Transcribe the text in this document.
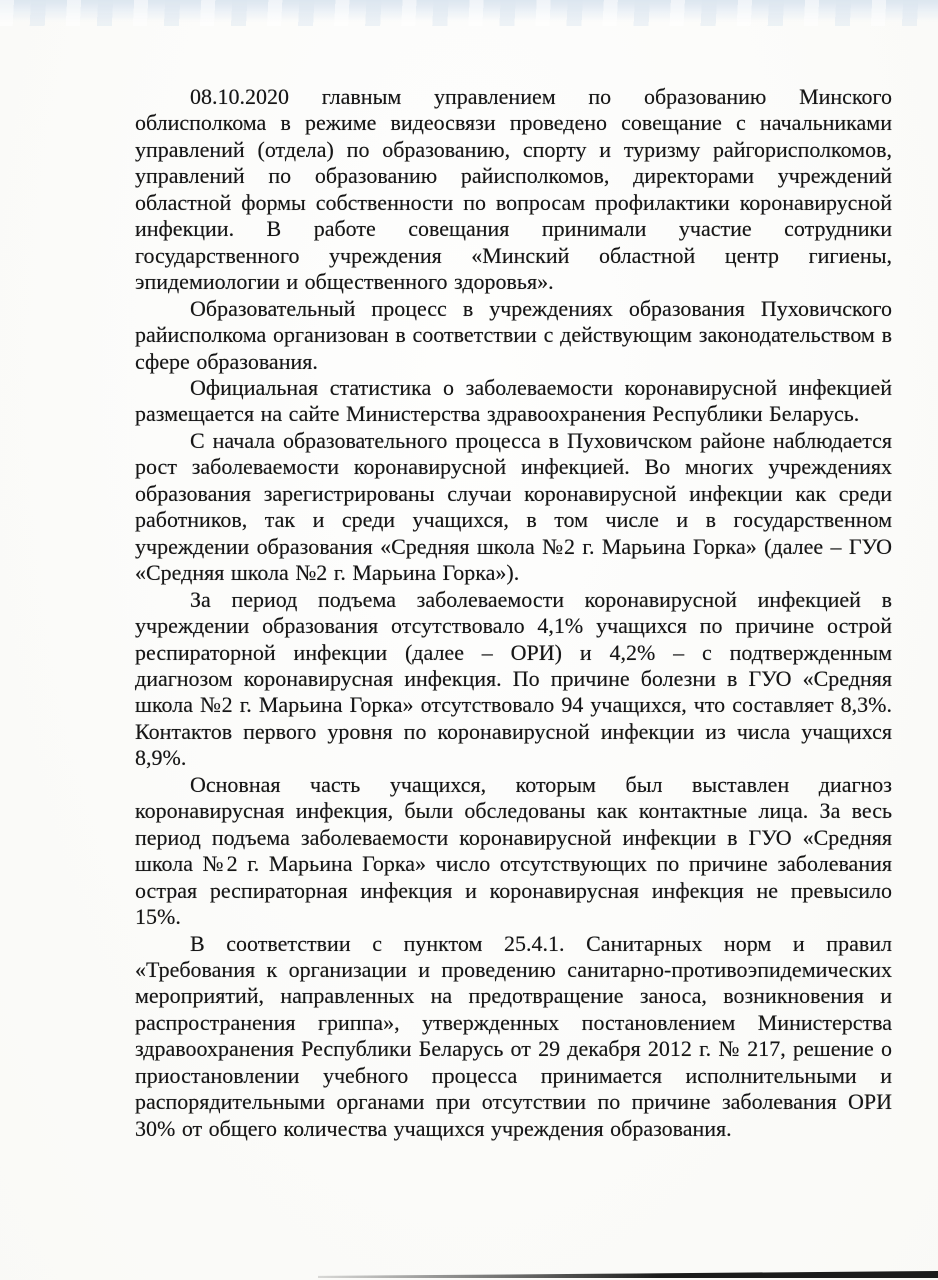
08.10.2020 главным управлением по образованию Минского облисполкома в режиме видеосвязи проведено совещание с начальниками управлений (отдела) по образованию, спорту и туризму райгорисполкомов, управлений по образованию райисполкомов, директорами учреждений областной формы собственности по вопросам профилактики коронавирусной инфекции. В работе совещания принимали участие сотрудники государственного учреждения «Минский областной центр гигиены, эпидемиологии и общественного здоровья».

Образовательный процесс в учреждениях образования Пуховичского райисполкома организован в соответствии с действующим законодательством в сфере образования.

Официальная статистика о заболеваемости коронавирусной инфекцией размещается на сайте Министерства здравоохранения Республики Беларусь.

С начала образовательного процесса в Пуховичском районе наблюдается рост заболеваемости коронавирусной инфекцией. Во многих учреждениях образования зарегистрированы случаи коронавирусной инфекции как среди работников, так и среди учащихся, в том числе и в государственном учреждении образования «Средняя школа №2 г. Марьина Горка» (далее – ГУО «Средняя школа №2 г. Марьина Горка»).

За период подъема заболеваемости коронавирусной инфекцией в учреждении образования отсутствовало 4,1% учащихся по причине острой респираторной инфекции (далее – ОРИ) и 4,2% – с подтвержденным диагнозом коронавирусная инфекция. По причине болезни в ГУО «Средняя школа №2 г. Марьина Горка» отсутствовало 94 учащихся, что составляет 8,3%. Контактов первого уровня по коронавирусной инфекции из числа учащихся 8,9%.

Основная часть учащихся, которым был выставлен диагноз коронавирусная инфекция, были обследованы как контактные лица. За весь период подъема заболеваемости коронавирусной инфекции в ГУО «Средняя школа №2 г. Марьина Горка» число отсутствующих по причине заболевания острая респираторная инфекция и коронавирусная инфекция не превысило 15%.

В соответствии с пунктом 25.4.1. Санитарных норм и правил «Требования к организации и проведению санитарно-противоэпидемических мероприятий, направленных на предотвращение заноса, возникновения и распространения гриппа», утвержденных постановлением Министерства здравоохранения Республики Беларусь от 29 декабря 2012 г. № 217, решение о приостановлении учебного процесса принимается исполнительными и распорядительными органами при отсутствии по причине заболевания ОРИ 30% от общего количества учащихся учреждения образования.
